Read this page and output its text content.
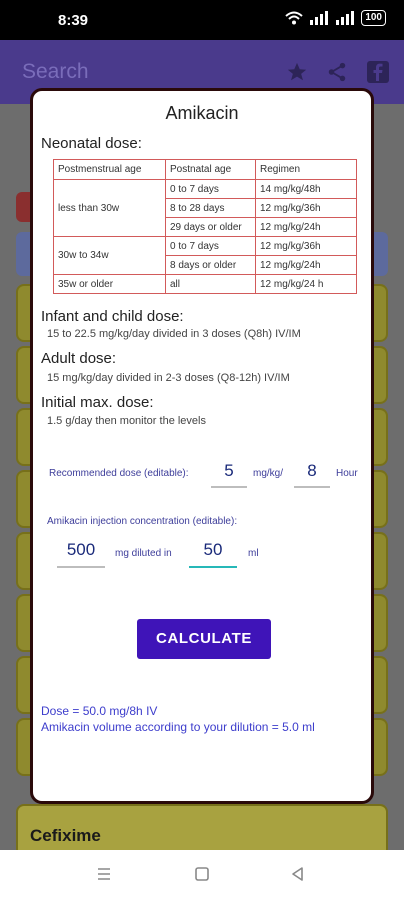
8:39	100
Search
Cefixime
Amikacin
Neonatal dose:
Postmenstrual age	Postnatal age	Regimen
less than 30w	0 to 7 days	14 mg/kg/48h
	8 to 28 days	12 mg/kg/36h
	29 days or older	12 mg/kg/24h
30w to 34w	0 to 7 days	12 mg/kg/36h
	8 days or older	12 mg/kg/24h
35w or older	all	12 mg/kg/24 h
Infant and child dose:
15 to 22.5 mg/kg/day divided in 3 doses (Q8h) IV/IM
Adult dose:
15 mg/kg/day divided in 2-3 doses (Q8-12h) IV/IM
Initial max. dose:
1.5 g/day then monitor the levels
Recommended dose (editable):	5	mg/kg/	8	Hour
Amikacin injection concentration (editable):
500	mg diluted in	50	ml
CALCULATE
Dose = 50.0 mg/8h IV
Amikacin volume according to your dilution = 5.0 ml
